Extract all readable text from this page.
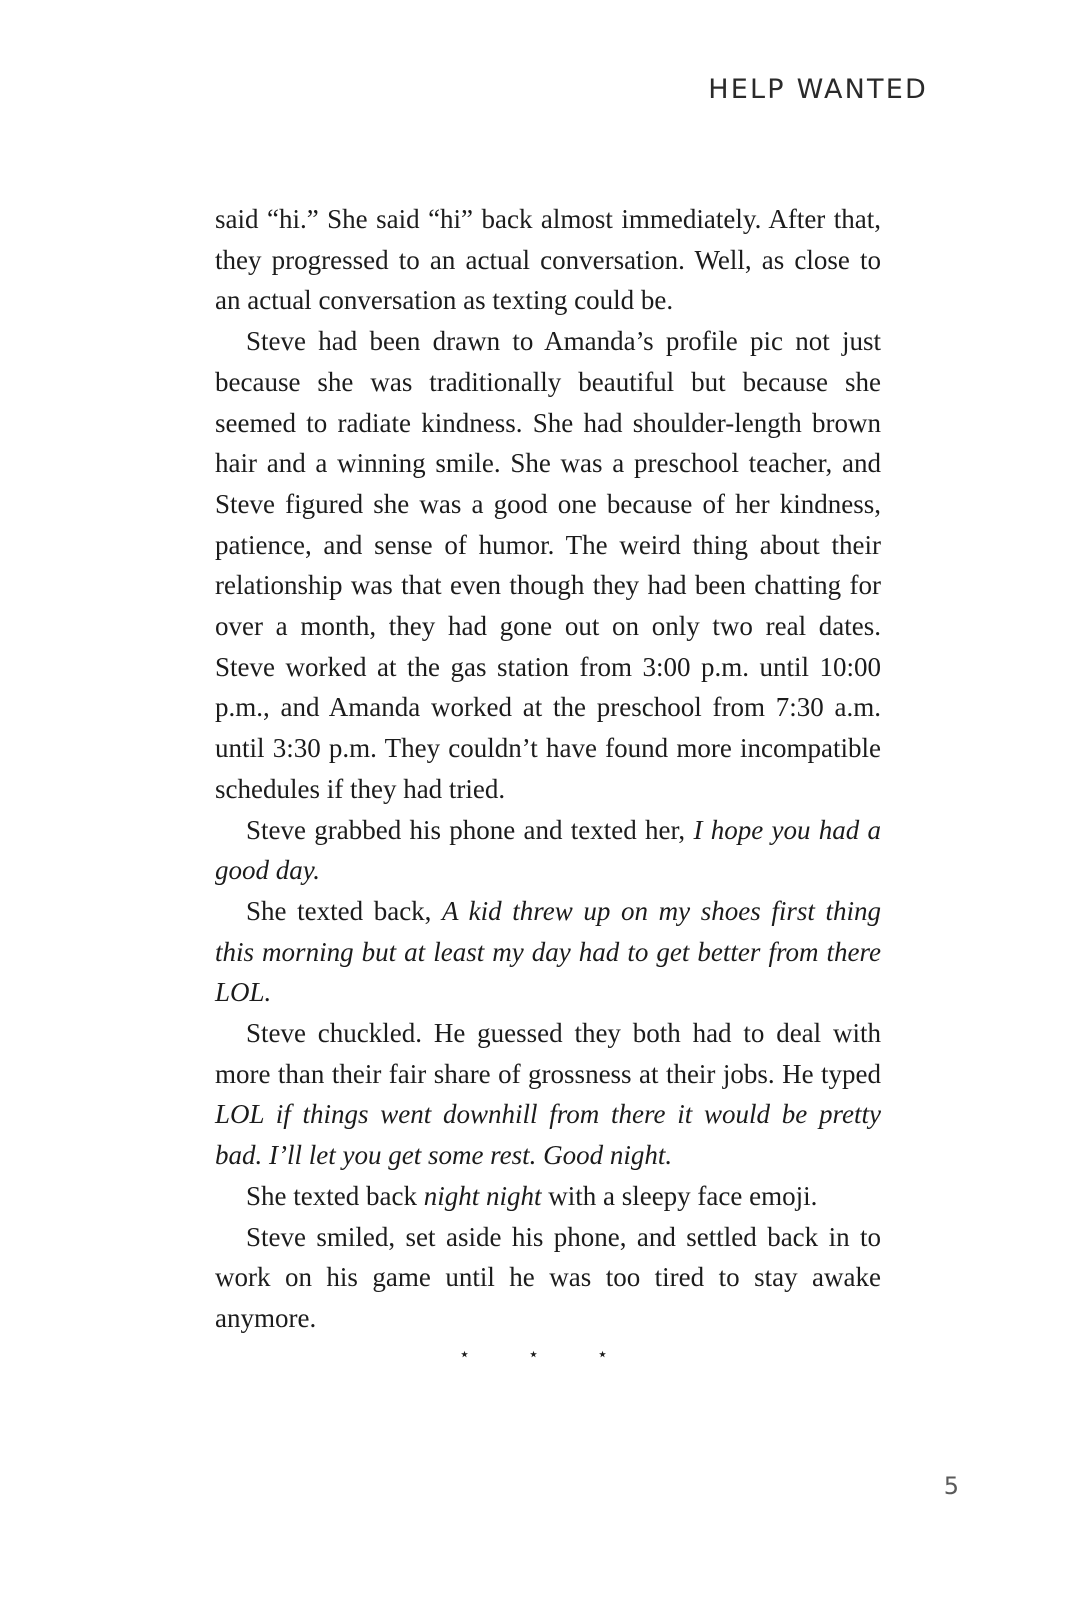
HELP WANTED

said “hi.” She said “hi” back almost immediately. After that, they progressed to an actual conversation. Well, as close to an actual conversation as texting could be.

Steve had been drawn to Amanda’s profile pic not just because she was traditionally beautiful but because she seemed to radiate kindness. She had shoulder-length brown hair and a winning smile. She was a preschool teacher, and Steve figured she was a good one because of her kindness, patience, and sense of humor. The weird thing about their relationship was that even though they had been chatting for over a month, they had gone out on only two real dates. Steve worked at the gas station from 3:00 p.m. until 10:00 p.m., and Amanda worked at the preschool from 7:30 a.m. until 3:30 p.m. They couldn’t have found more incompatible schedules if they had tried.

Steve grabbed his phone and texted her, I hope you had a good day.

She texted back, A kid threw up on my shoes first thing this morning but at least my day had to get better from there LOL.

Steve chuckled. He guessed they both had to deal with more than their fair share of grossness at their jobs. He typed LOL if things went downhill from there it would be pretty bad. I’ll let you get some rest. Good night.

She texted back night night with a sleepy face emoji.

Steve smiled, set aside his phone, and settled back in to work on his game until he was too tired to stay awake anymore.

⋆ ⋆ ⋆
5
